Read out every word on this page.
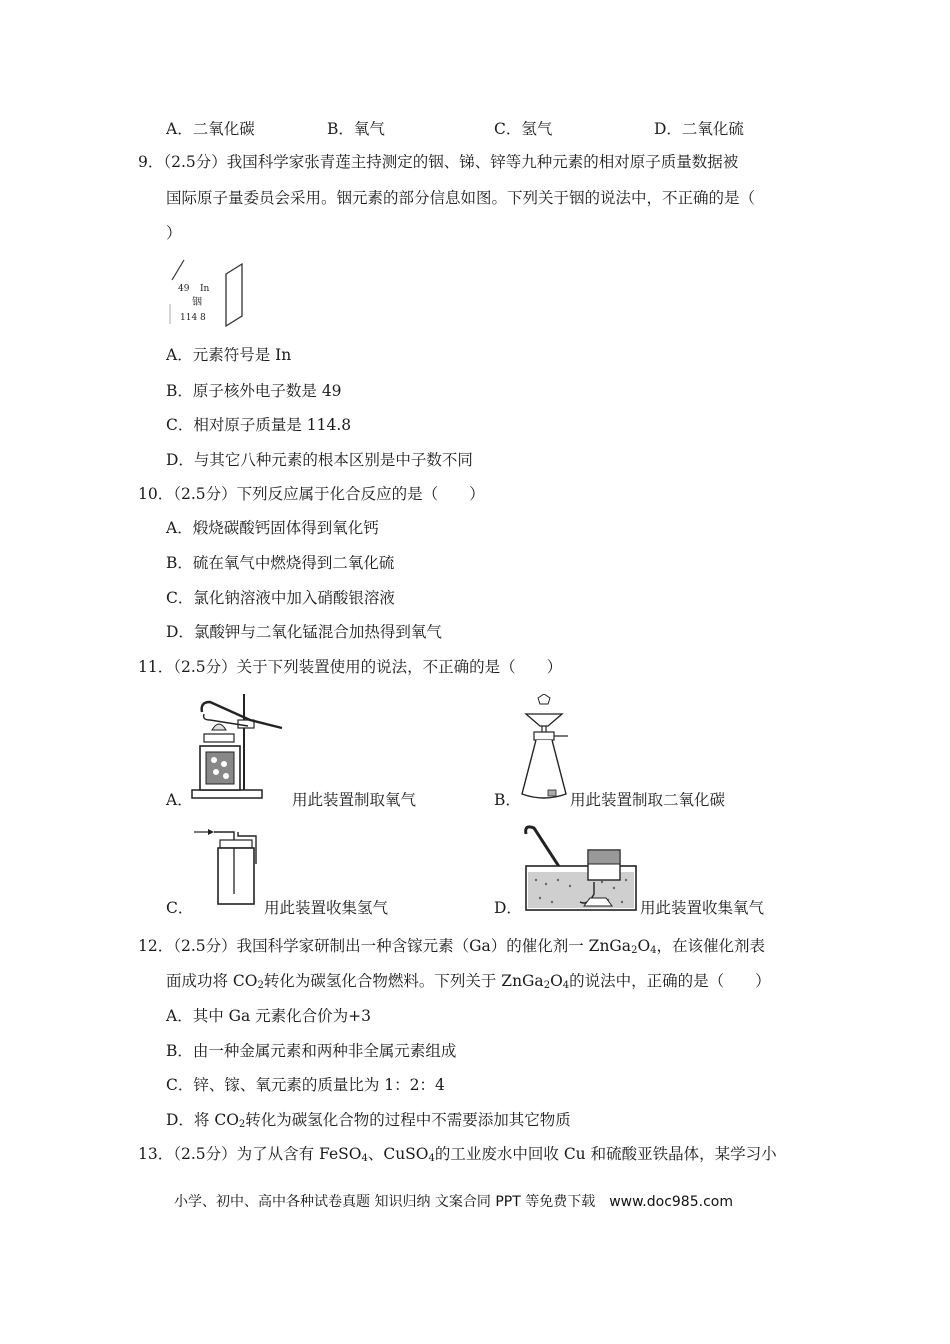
A．二氧化碳	B．氧气	C．氢气	D．二氧化硫
9．（2.5分）我国科学家张青莲主持测定的铟、锑、锌等九种元素的相对原子质量数据被
国际原子量委员会采用。铟元素的部分信息如图。下列关于铟的说法中，不正确的是（
）
49 In
铟
114 8
A．元素符号是 In
B．原子核外电子数是 49
C．相对原子质量是 114.8
D．与其它八种元素的根本区别是中子数不同
10．（2.5分）下列反应属于化合反应的是（　　）
A．煅烧碳酸钙固体得到氧化钙
B．硫在氧气中燃烧得到二氧化硫
C．氯化钠溶液中加入硝酸银溶液
D．氯酸钾与二氧化锰混合加热得到氧气
11．（2.5分）关于下列装置使用的说法，不正确的是（　　）
A．	用此装置制取氧气	B．	用此装置制取二氧化碳
C．	用此装置收集氢气	D．	用此装置收集氧气
12．（2.5分）我国科学家研制出一种含镓元素（Ga）的催化剂一 $ZnGa_2O_4$，在该催化剂表
面成功将 $CO_2$转化为碳氢化合物燃料。下列关于 $ZnGa_2O_4$的说法中，正确的是（　　）
A．其中 Ga 元素化合价为+3
B．由一种金属元素和两种非全属元素组成
C．锌、镓、氧元素的质量比为 1：2：4
D．将 $CO_2$转化为碳氢化合物的过程中不需要添加其它物质
13．（2.5分）为了从含有 FeSO$_4$、CuSO$_4$的工业废水中回收 Cu 和硫酸亚铁晶体，某学习小
小学、初中、高中各种试卷真题 知识归纳 文案合同 PPT 等免费下载　www.doc985.com
